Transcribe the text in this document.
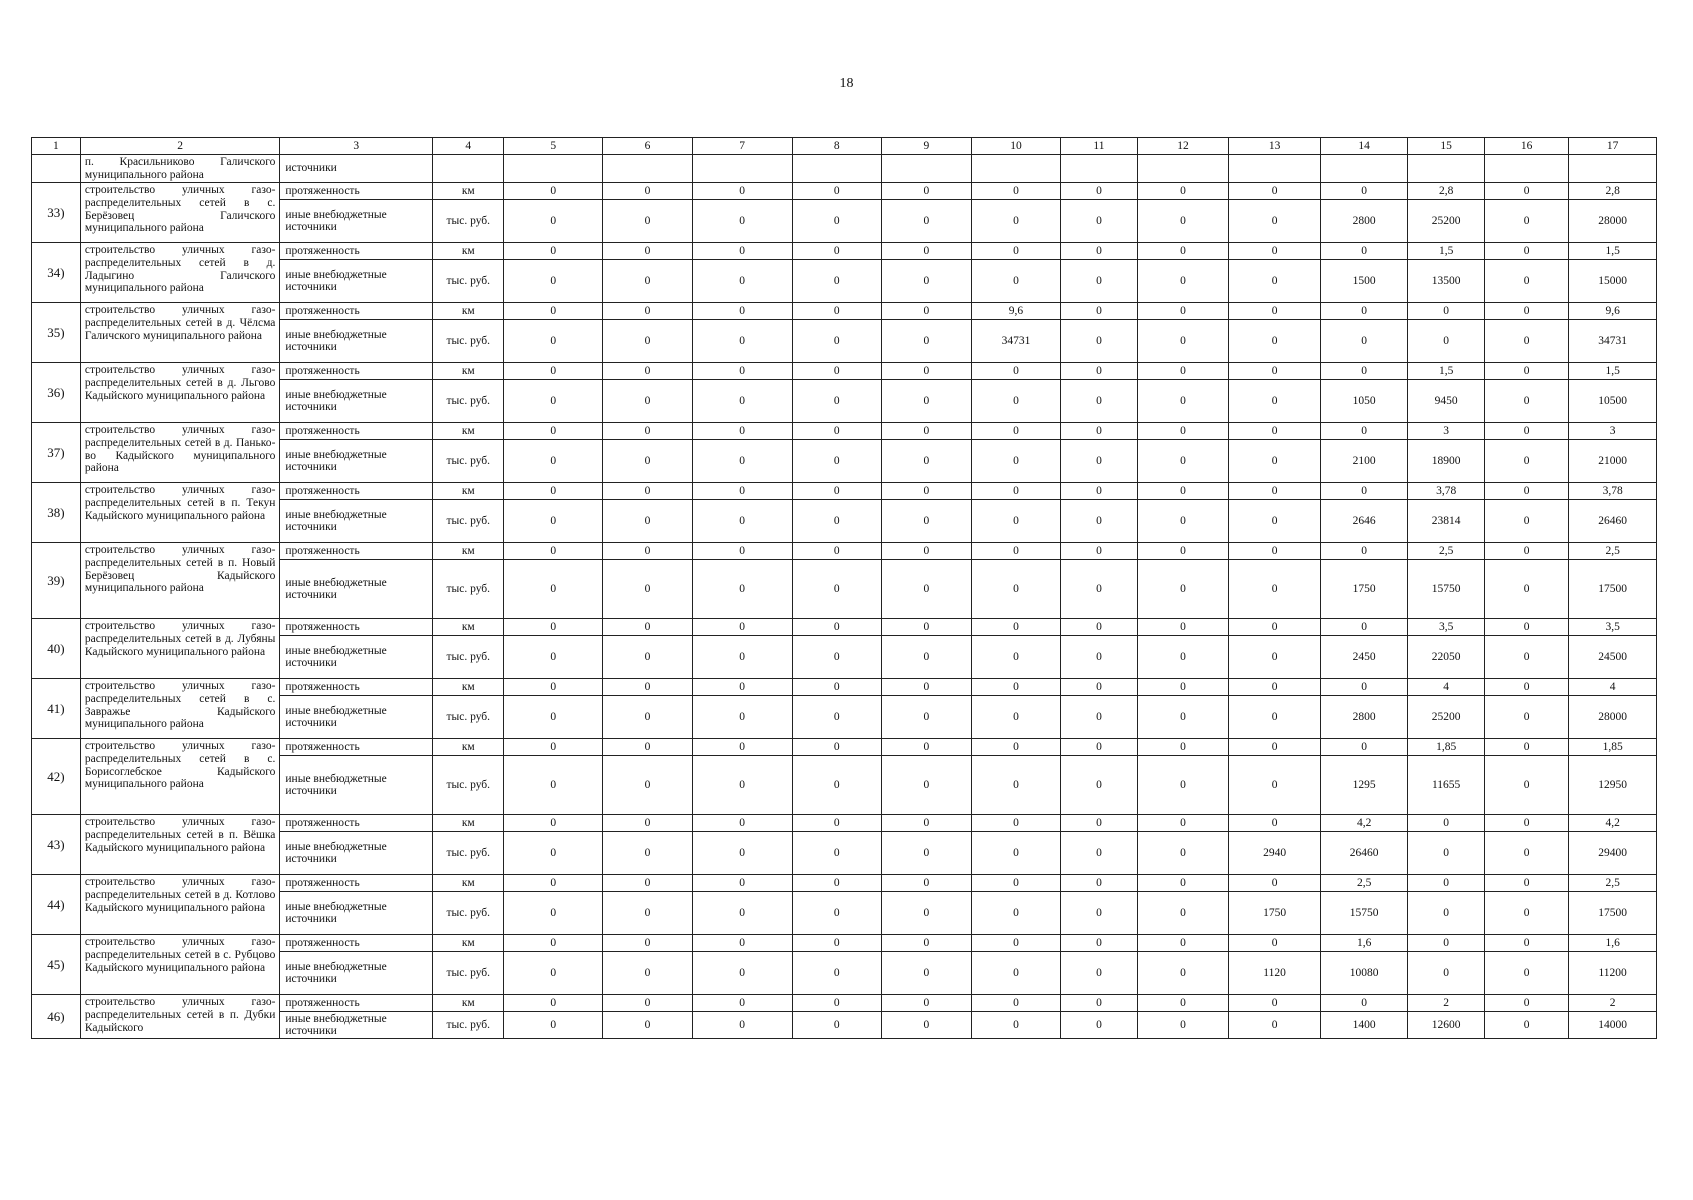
18
1	2	3	4	5	6	7	8	9	10	11	12	13	14	15	16	17
	п. Красильниково Галичского муниципального района	источники														
33)	строительство уличных газо-распределительных сетей в с. Берёзовец Галичского муниципального района	протяженность	км	0	0	0	0	0	0	0	0	0	0	2,8	0	2,8
		иные внебюджетные источники	тыс. руб.	0	0	0	0	0	0	0	0	0	2800	25200	0	28000
34)	строительство уличных газо-распределительных сетей в д. Ладыгино Галичского муниципального района	протяженность	км	0	0	0	0	0	0	0	0	0	0	1,5	0	1,5
		иные внебюджетные источники	тыс. руб.	0	0	0	0	0	0	0	0	0	1500	13500	0	15000
35)	строительство уличных газо-распределительных сетей в д. Чёлсма Галичского муниципального района	протяженность	км	0	0	0	0	0	9,6	0	0	0	0	0	0	9,6
		иные внебюджетные источники	тыс. руб.	0	0	0	0	0	34731	0	0	0	0	0	0	34731
36)	строительство уличных газо-распределительных сетей в д. Льгово Кадыйского муниципального района	протяженность	км	0	0	0	0	0	0	0	0	0	0	1,5	0	1,5
		иные внебюджетные источники	тыс. руб.	0	0	0	0	0	0	0	0	0	1050	9450	0	10500
37)	строительство уличных газо-распределительных сетей в д. Паньково Кадыйского муниципального района	протяженность	км	0	0	0	0	0	0	0	0	0	0	3	0	3
		иные внебюджетные источники	тыс. руб.	0	0	0	0	0	0	0	0	0	2100	18900	0	21000
38)	строительство уличных газо-распределительных сетей в п. Текун Кадыйского муниципального района	протяженность	км	0	0	0	0	0	0	0	0	0	0	3,78	0	3,78
		иные внебюджетные источники	тыс. руб.	0	0	0	0	0	0	0	0	0	2646	23814	0	26460
39)	строительство уличных газо-распределительных сетей в п. Новый Берёзовец Кадыйского муниципального района	протяженность	км	0	0	0	0	0	0	0	0	0	0	2,5	0	2,5
		иные внебюджетные источники	тыс. руб.	0	0	0	0	0	0	0	0	0	1750	15750	0	17500
40)	строительство уличных газо-распределительных сетей в д. Лубяны Кадыйского муниципального района	протяженность	км	0	0	0	0	0	0	0	0	0	0	3,5	0	3,5
		иные внебюджетные источники	тыс. руб.	0	0	0	0	0	0	0	0	0	2450	22050	0	24500
41)	строительство уличных газо-распределительных сетей в с. Завражье Кадыйского муниципального района	протяженность	км	0	0	0	0	0	0	0	0	0	0	4	0	4
		иные внебюджетные источники	тыс. руб.	0	0	0	0	0	0	0	0	0	2800	25200	0	28000
42)	строительство уличных газо-распределительных сетей в с. Борисоглебское Кадыйского муниципального района	протяженность	км	0	0	0	0	0	0	0	0	0	0	1,85	0	1,85
		иные внебюджетные источники	тыс. руб.	0	0	0	0	0	0	0	0	0	1295	11655	0	12950
43)	строительство уличных газо-распределительных сетей в п. Вёшка Кадыйского муниципального района	протяженность	км	0	0	0	0	0	0	0	0	0	4,2	0	0	4,2
		иные внебюджетные источники	тыс. руб.	0	0	0	0	0	0	0	0	2940	26460	0	0	29400
44)	строительство уличных газо-распределительных сетей в д. Котлово Кадыйского муниципального района	протяженность	км	0	0	0	0	0	0	0	0	0	2,5	0	0	2,5
		иные внебюджетные источники	тыс. руб.	0	0	0	0	0	0	0	0	1750	15750	0	0	17500
45)	строительство уличных газо-распределительных сетей в с. Рубцово Кадыйского муниципального района	протяженность	км	0	0	0	0	0	0	0	0	0	1,6	0	0	1,6
		иные внебюджетные источники	тыс. руб.	0	0	0	0	0	0	0	0	1120	10080	0	0	11200
46)	строительство уличных газо-распределительных сетей в п. Дубки Кадыйского	протяженность	км	0	0	0	0	0	0	0	0	0	0	2	0	2
		иные внебюджетные источники	тыс. руб.	0	0	0	0	0	0	0	0	0	1400	12600	0	14000
